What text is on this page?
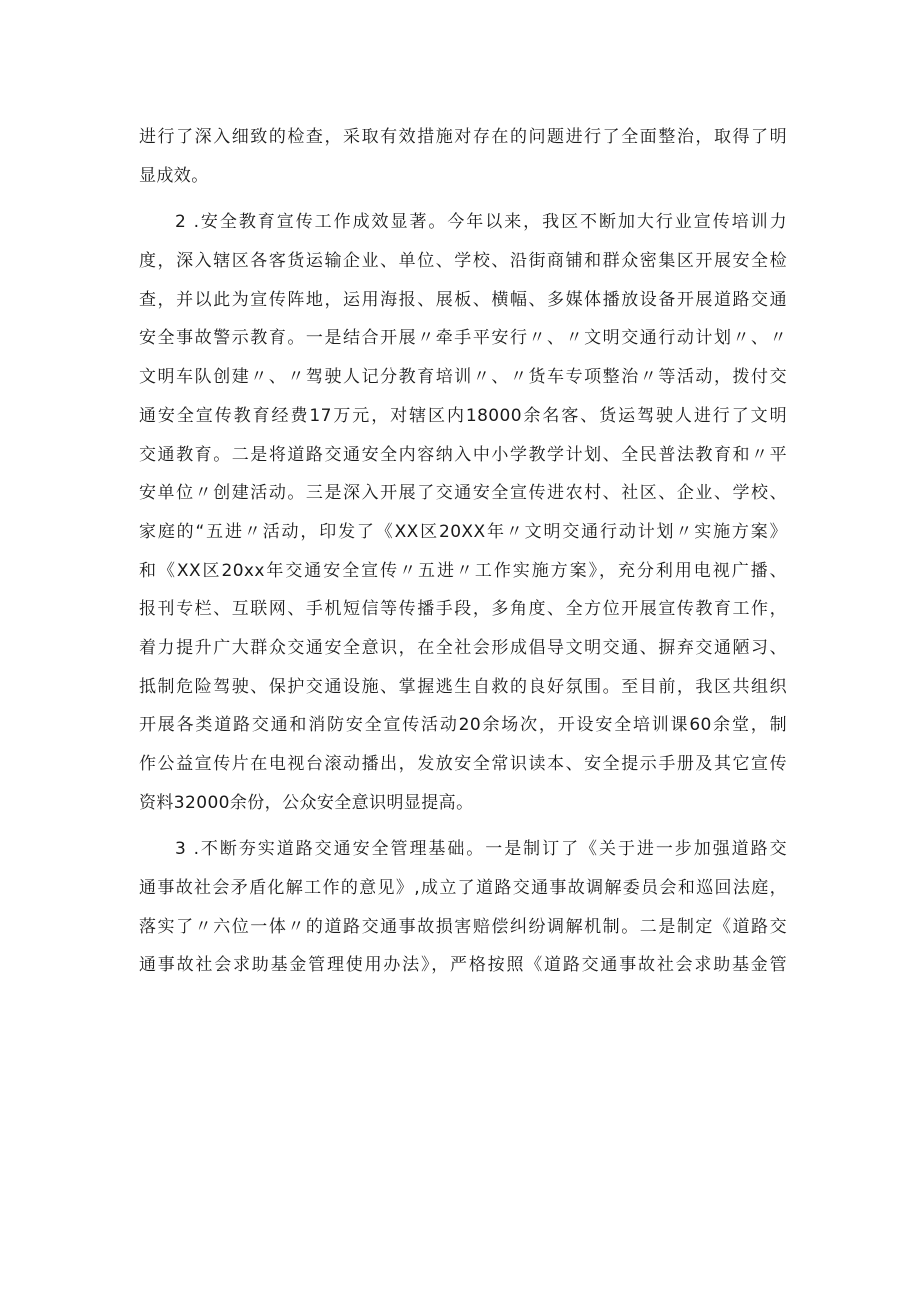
进行了深入细致的检查，采取有效措施对存在的问题进行了全面整治，取得了明
显成效。
2 .安全教育宣传工作成效显著。今年以来，我区不断加大行业宣传培训力
度，深入辖区各客货运输企业、单位、学校、沿街商铺和群众密集区开展安全检
查，并以此为宣传阵地，运用海报、展板、横幅、多媒体播放设备开展道路交通
安全事故警示教育。一是结合开展〃牵手平安行〃、〃文明交通行动计划〃、〃
文明车队创建〃、〃驾驶人记分教育培训〃、〃货车专项整治〃等活动，拨付交
通安全宣传教育经费17万元，对辖区内18000余名客、货运驾驶人进行了文明
交通教育。二是将道路交通安全内容纳入中小学教学计划、全民普法教育和〃平
安单位〃创建活动。三是深入开展了交通安全宣传进农村、社区、企业、学校、
家庭的“五进〃活动，印发了《XX区20XX年〃文明交通行动计划〃实施方案》
和《XX区20xx年交通安全宣传〃五进〃工作实施方案》，充分利用电视广播、
报刊专栏、互联网、手机短信等传播手段，多角度、全方位开展宣传教育工作，
着力提升广大群众交通安全意识，在全社会形成倡导文明交通、摒弃交通陋习、
抵制危险驾驶、保护交通设施、掌握逃生自救的良好氛围。至目前，我区共组织
开展各类道路交通和消防安全宣传活动20余场次，开设安全培训课60余堂，制
作公益宣传片在电视台滚动播出，发放安全常识读本、安全提示手册及其它宣传
资料32000余份，公众安全意识明显提高。
3 .不断夯实道路交通安全管理基础。一是制订了《关于进一步加强道路交
通事故社会矛盾化解工作的意见》,成立了道路交通事故调解委员会和巡回法庭，
落实了〃六位一体〃的道路交通事故损害赔偿纠纷调解机制。二是制定《道路交
通事故社会求助基金管理使用办法》，严格按照《道路交通事故社会求助基金管
